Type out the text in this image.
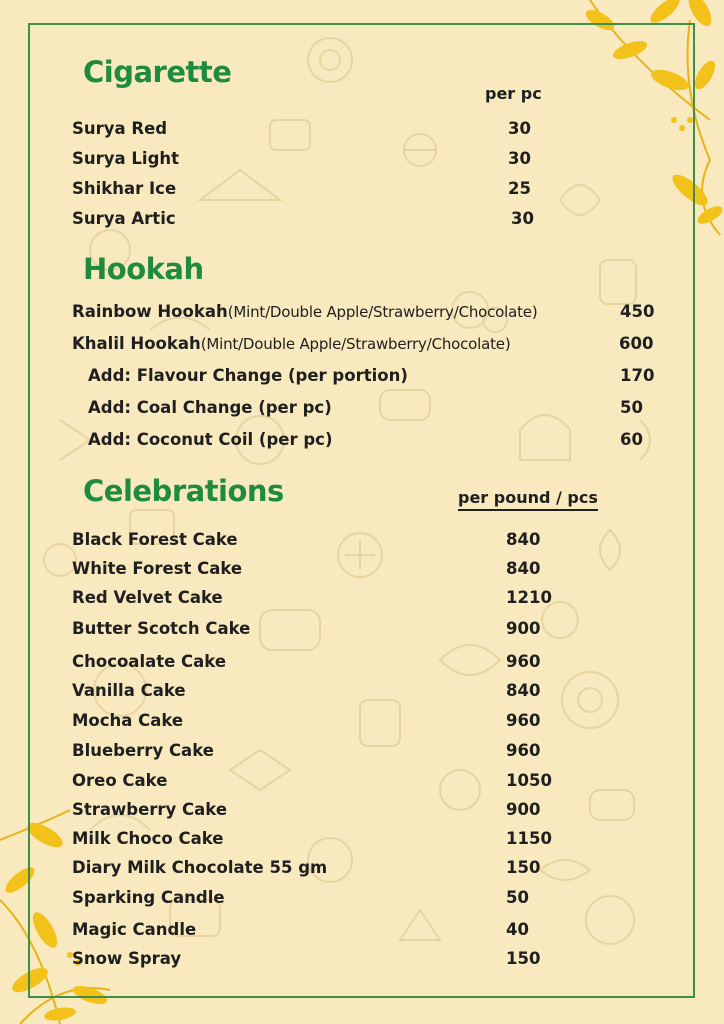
Cigarette
per pc
Surya Red	30
Surya Light	30
Shikhar Ice	25
Surya Artic	30
Hookah
Rainbow Hookah(Mint/Double Apple/Strawberry/Chocolate)	450
Khalil Hookah(Mint/Double Apple/Strawberry/Chocolate)	600
Add: Flavour Change (per portion)	170
Add: Coal Change (per pc)	50
Add: Coconut Coil (per pc)	60
Celebrations	per pound / pcs
Black Forest Cake	840
White Forest Cake	840
Red Velvet Cake	1210
Butter Scotch Cake	900
Chocoalate Cake	960
Vanilla Cake	840
Mocha Cake	960
Blueberry Cake	960
Oreo Cake	1050
Strawberry Cake	900
Milk Choco Cake	1150
Diary Milk Chocolate 55 gm	150
Sparking Candle	50
Magic Candle	40
Snow Spray	150
